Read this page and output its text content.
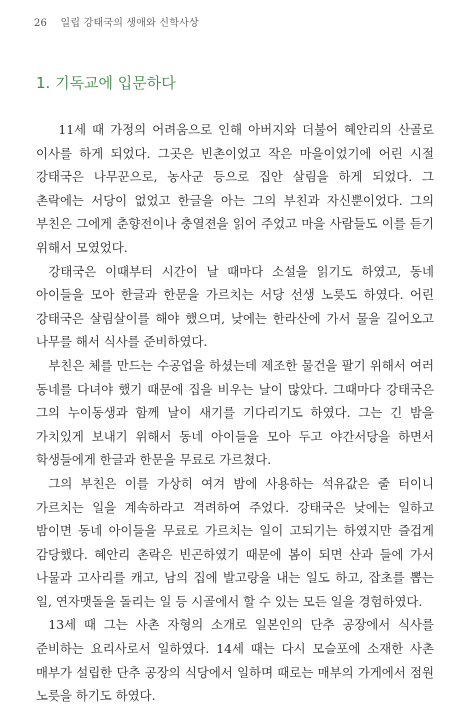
26 일립 강태국의 생애와 신학사상
1. 기독교에 입문하다

11세 때 가정의 어려움으로 인해 아버지와 더불어 혜안리의 산골로 이사를 하게 되었다. 그곳은 빈촌이었고 작은 마을이었기에 어린 시절 강태국은 나무꾼으로, 농사군 등으로 집안 살림을 하게 되었다. 그 촌락에는 서당이 없었고 한글을 아는 그의 부친과 자신뿐이었다. 그의 부친은 그에게 춘향전이나 충열젼을 읽어 주었고 마을 사람들도 이를 듣기 위해서 모였었다.

강태국은 이때부터 시간이 날 때마다 소설을 읽기도 하였고, 동네 아이들을 모아 한글과 한문을 가르치는 서당 선생 노릇도 하였다. 어린 강태국은 살림살이를 해야 했으며, 낮에는 한라산에 가서 물을 길어오고 나무를 해서 식사를 준비하였다.

부친은 체를 만드는 수공업을 하셨는데 제조한 물건을 팔기 위해서 여러 동네를 다녀야 했기 때문에 집을 비우는 날이 많았다. 그때마다 강태국은 그의 누이동생과 함께 날이 새기를 기다리기도 하였다. 그는 긴 밤을 가치있게 보내기 위해서 동네 아이들을 모아 두고 야간서당을 하면서 학생들에게 한글과 한문을 무료로 가르쳤다.

그의 부친은 이를 가상히 여겨 밤에 사용하는 석유값은 줄 터이니 가르치는 일을 계속하라고 격려하여 주었다. 강태국은 낮에는 일하고 밤이면 동네 아이들을 무료로 가르치는 일이 고되기는 하였지만 즐겁게 감당했다. 혜안리 촌락은 빈곤하였기 때문에 봄이 되면 산과 들에 가서 나물과 고사리를 캐고, 남의 집에 발고랑을 내는 일도 하고, 잡초를 뽑는 일, 연자맷돌을 돌리는 일 등 시골에서 할 수 있는 모든 일을 경험하였다.

13세 때 그는 사촌 자형의 소개로 일본인의 단추 공장에서 식사를 준비하는 요리사로서 일하였다. 14세 때는 다시 모슬포에 소재한 사촌 매부가 설립한 단추 공장의 식당에서 일하며 때로는 매부의 가게에서 점원 노릇을 하기도 하였다.
